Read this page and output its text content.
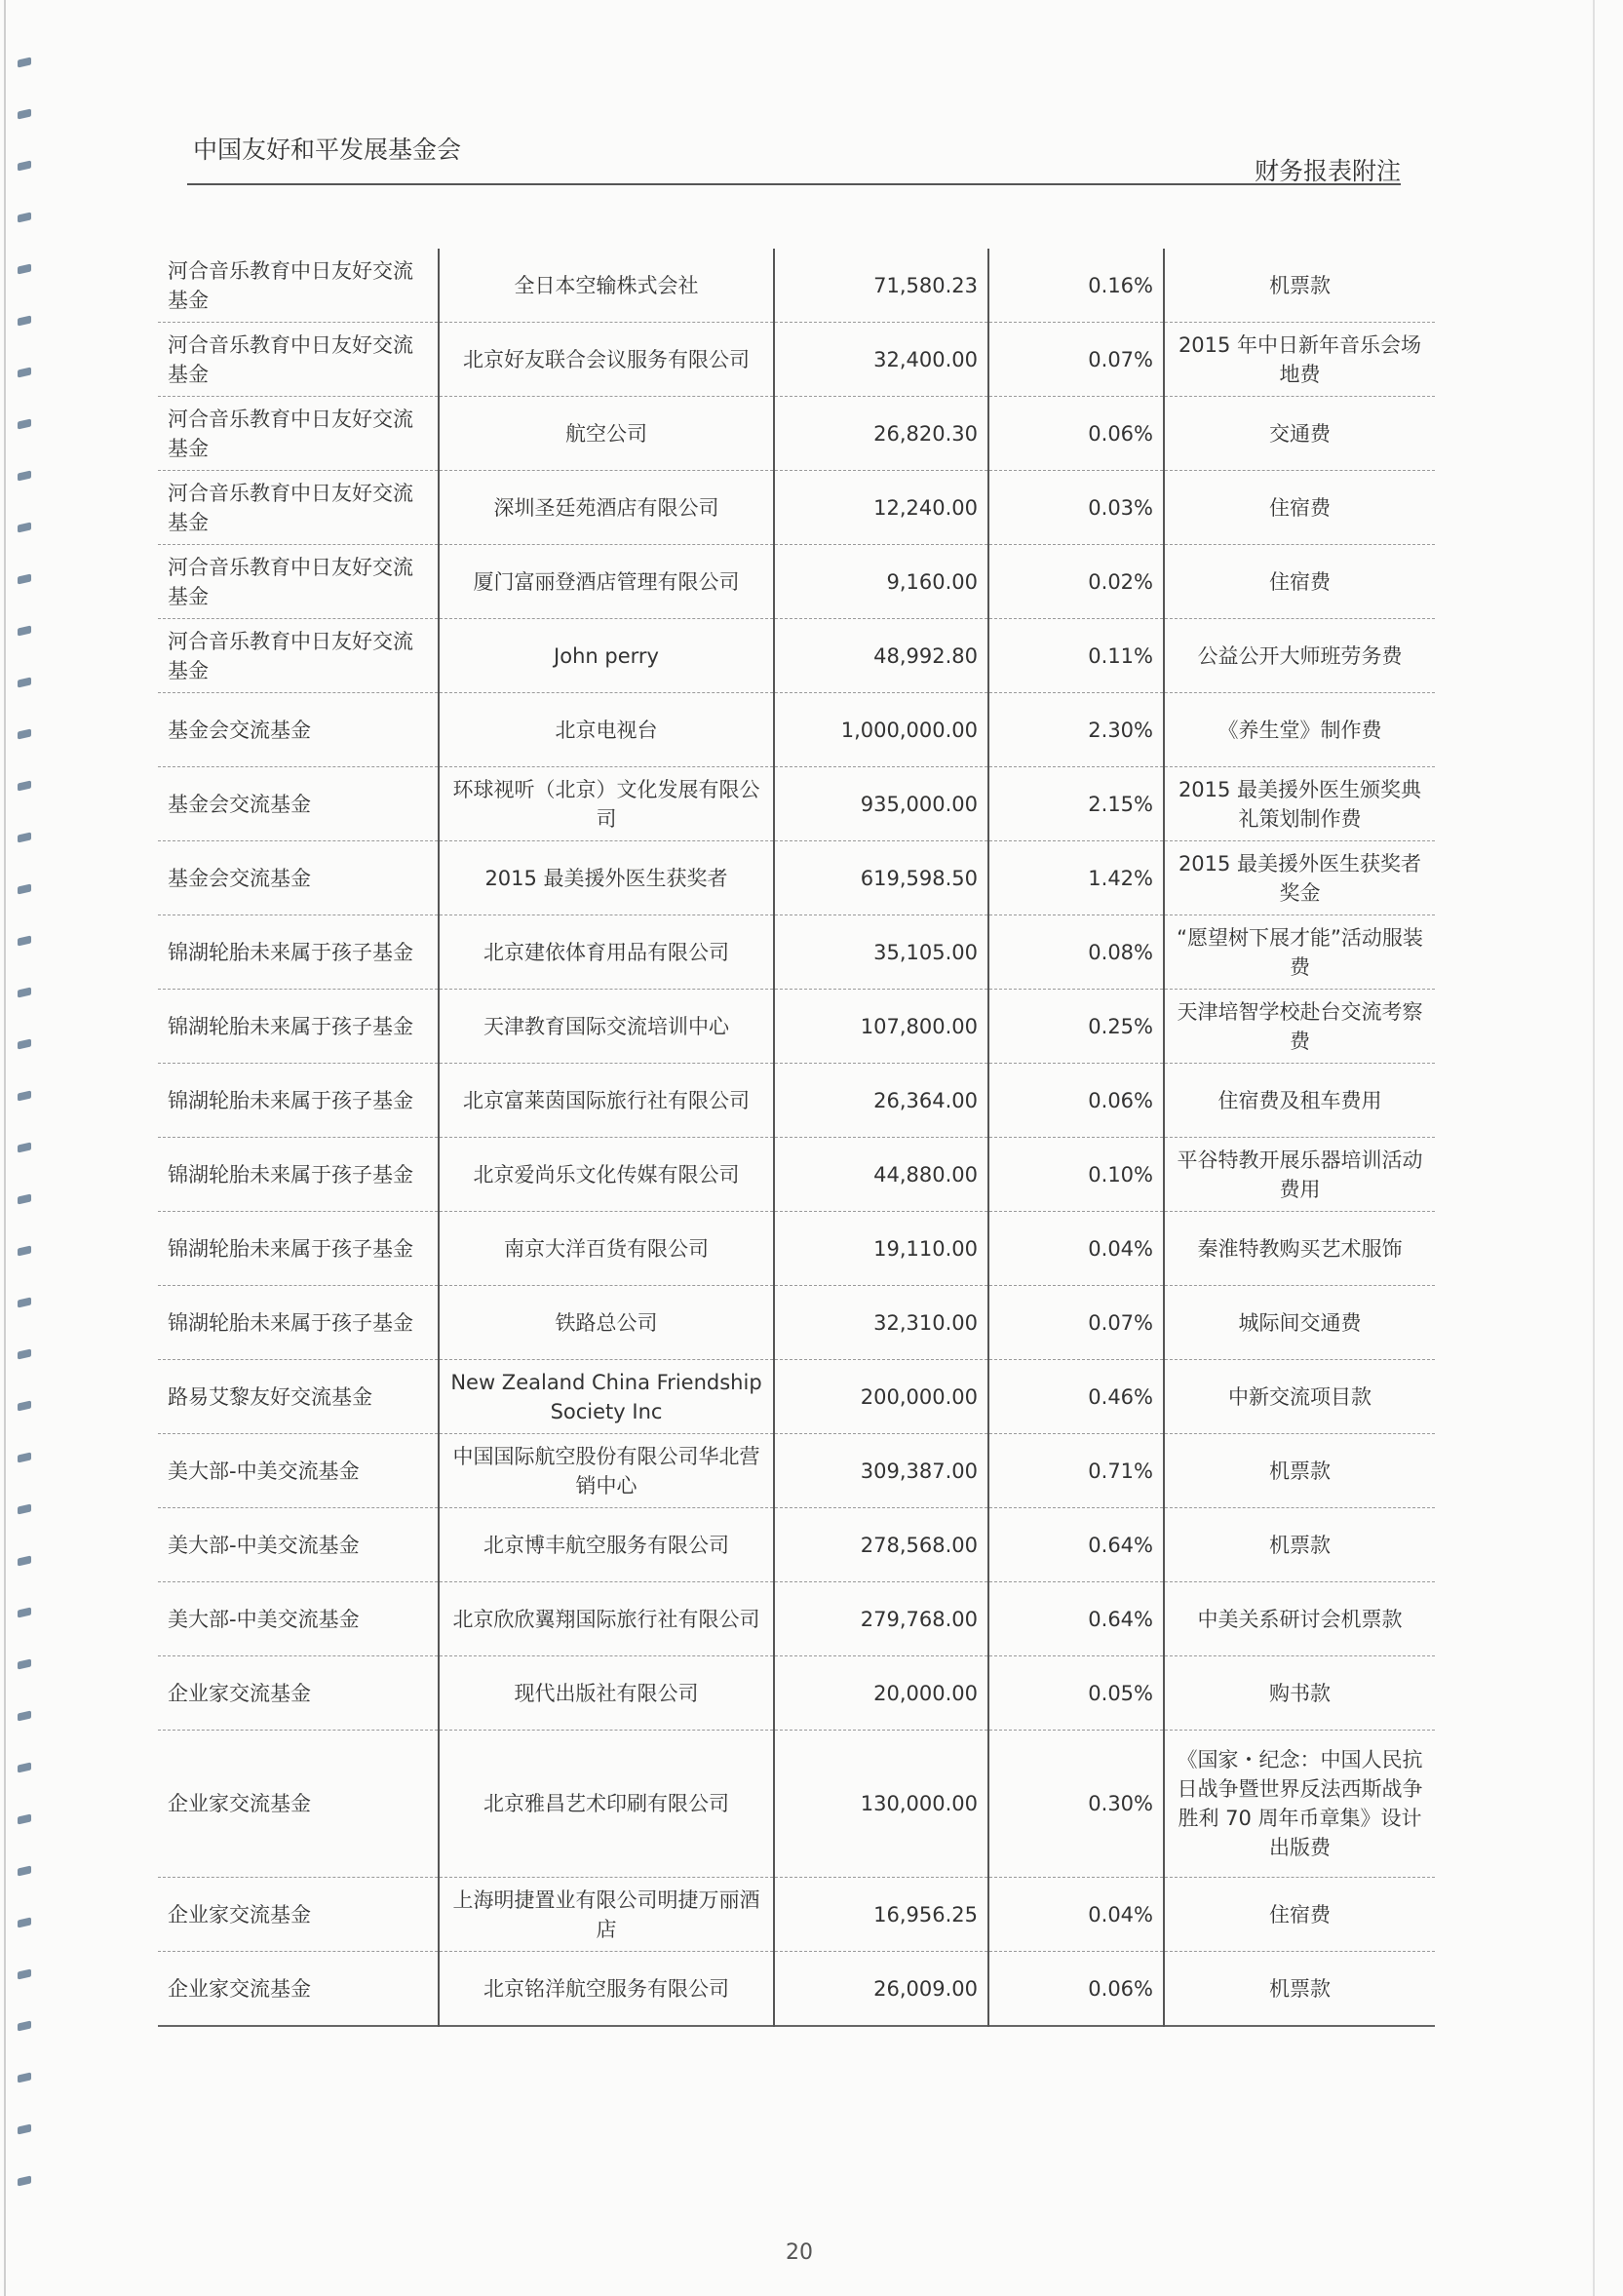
中国友好和平发展基金会
财务报表附注
河合音乐教育中日友好交流基金	全日本空输株式会社	71,580.23	0.16%	机票款
河合音乐教育中日友好交流基金	北京好友联合会议服务有限公司	32,400.00	0.07%	2015 年中日新年音乐会场地费
河合音乐教育中日友好交流基金	航空公司	26,820.30	0.06%	交通费
河合音乐教育中日友好交流基金	深圳圣廷苑酒店有限公司	12,240.00	0.03%	住宿费
河合音乐教育中日友好交流基金	厦门富丽登酒店管理有限公司	9,160.00	0.02%	住宿费
河合音乐教育中日友好交流基金	John perry	48,992.80	0.11%	公益公开大师班劳务费
基金会交流基金	北京电视台	1,000,000.00	2.30%	《养生堂》制作费
基金会交流基金	环球视听（北京）文化发展有限公司	935,000.00	2.15%	2015 最美援外医生颁奖典礼策划制作费
基金会交流基金	2015 最美援外医生获奖者	619,598.50	1.42%	2015 最美援外医生获奖者奖金
锦湖轮胎未来属于孩子基金	北京建依体育用品有限公司	35,105.00	0.08%	“愿望树下展才能”活动服装费
锦湖轮胎未来属于孩子基金	天津教育国际交流培训中心	107,800.00	0.25%	天津培智学校赴台交流考察费
锦湖轮胎未来属于孩子基金	北京富莱茵国际旅行社有限公司	26,364.00	0.06%	住宿费及租车费用
锦湖轮胎未来属于孩子基金	北京爱尚乐文化传媒有限公司	44,880.00	0.10%	平谷特教开展乐器培训活动费用
锦湖轮胎未来属于孩子基金	南京大洋百货有限公司	19,110.00	0.04%	秦淮特教购买艺术服饰
锦湖轮胎未来属于孩子基金	铁路总公司	32,310.00	0.07%	城际间交通费
路易艾黎友好交流基金	New Zealand China Friendship Society Inc	200,000.00	0.46%	中新交流项目款
美大部-中美交流基金	中国国际航空股份有限公司华北营销中心	309,387.00	0.71%	机票款
美大部-中美交流基金	北京博丰航空服务有限公司	278,568.00	0.64%	机票款
美大部-中美交流基金	北京欣欣翼翔国际旅行社有限公司	279,768.00	0.64%	中美关系研讨会机票款
企业家交流基金	现代出版社有限公司	20,000.00	0.05%	购书款
企业家交流基金	北京雅昌艺术印刷有限公司	130,000.00	0.30%	《国家・纪念：中国人民抗日战争暨世界反法西斯战争胜利 70 周年币章集》设计出版费
企业家交流基金	上海明捷置业有限公司明捷万丽酒店	16,956.25	0.04%	住宿费
企业家交流基金	北京铭洋航空服务有限公司	26,009.00	0.06%	机票款
20
